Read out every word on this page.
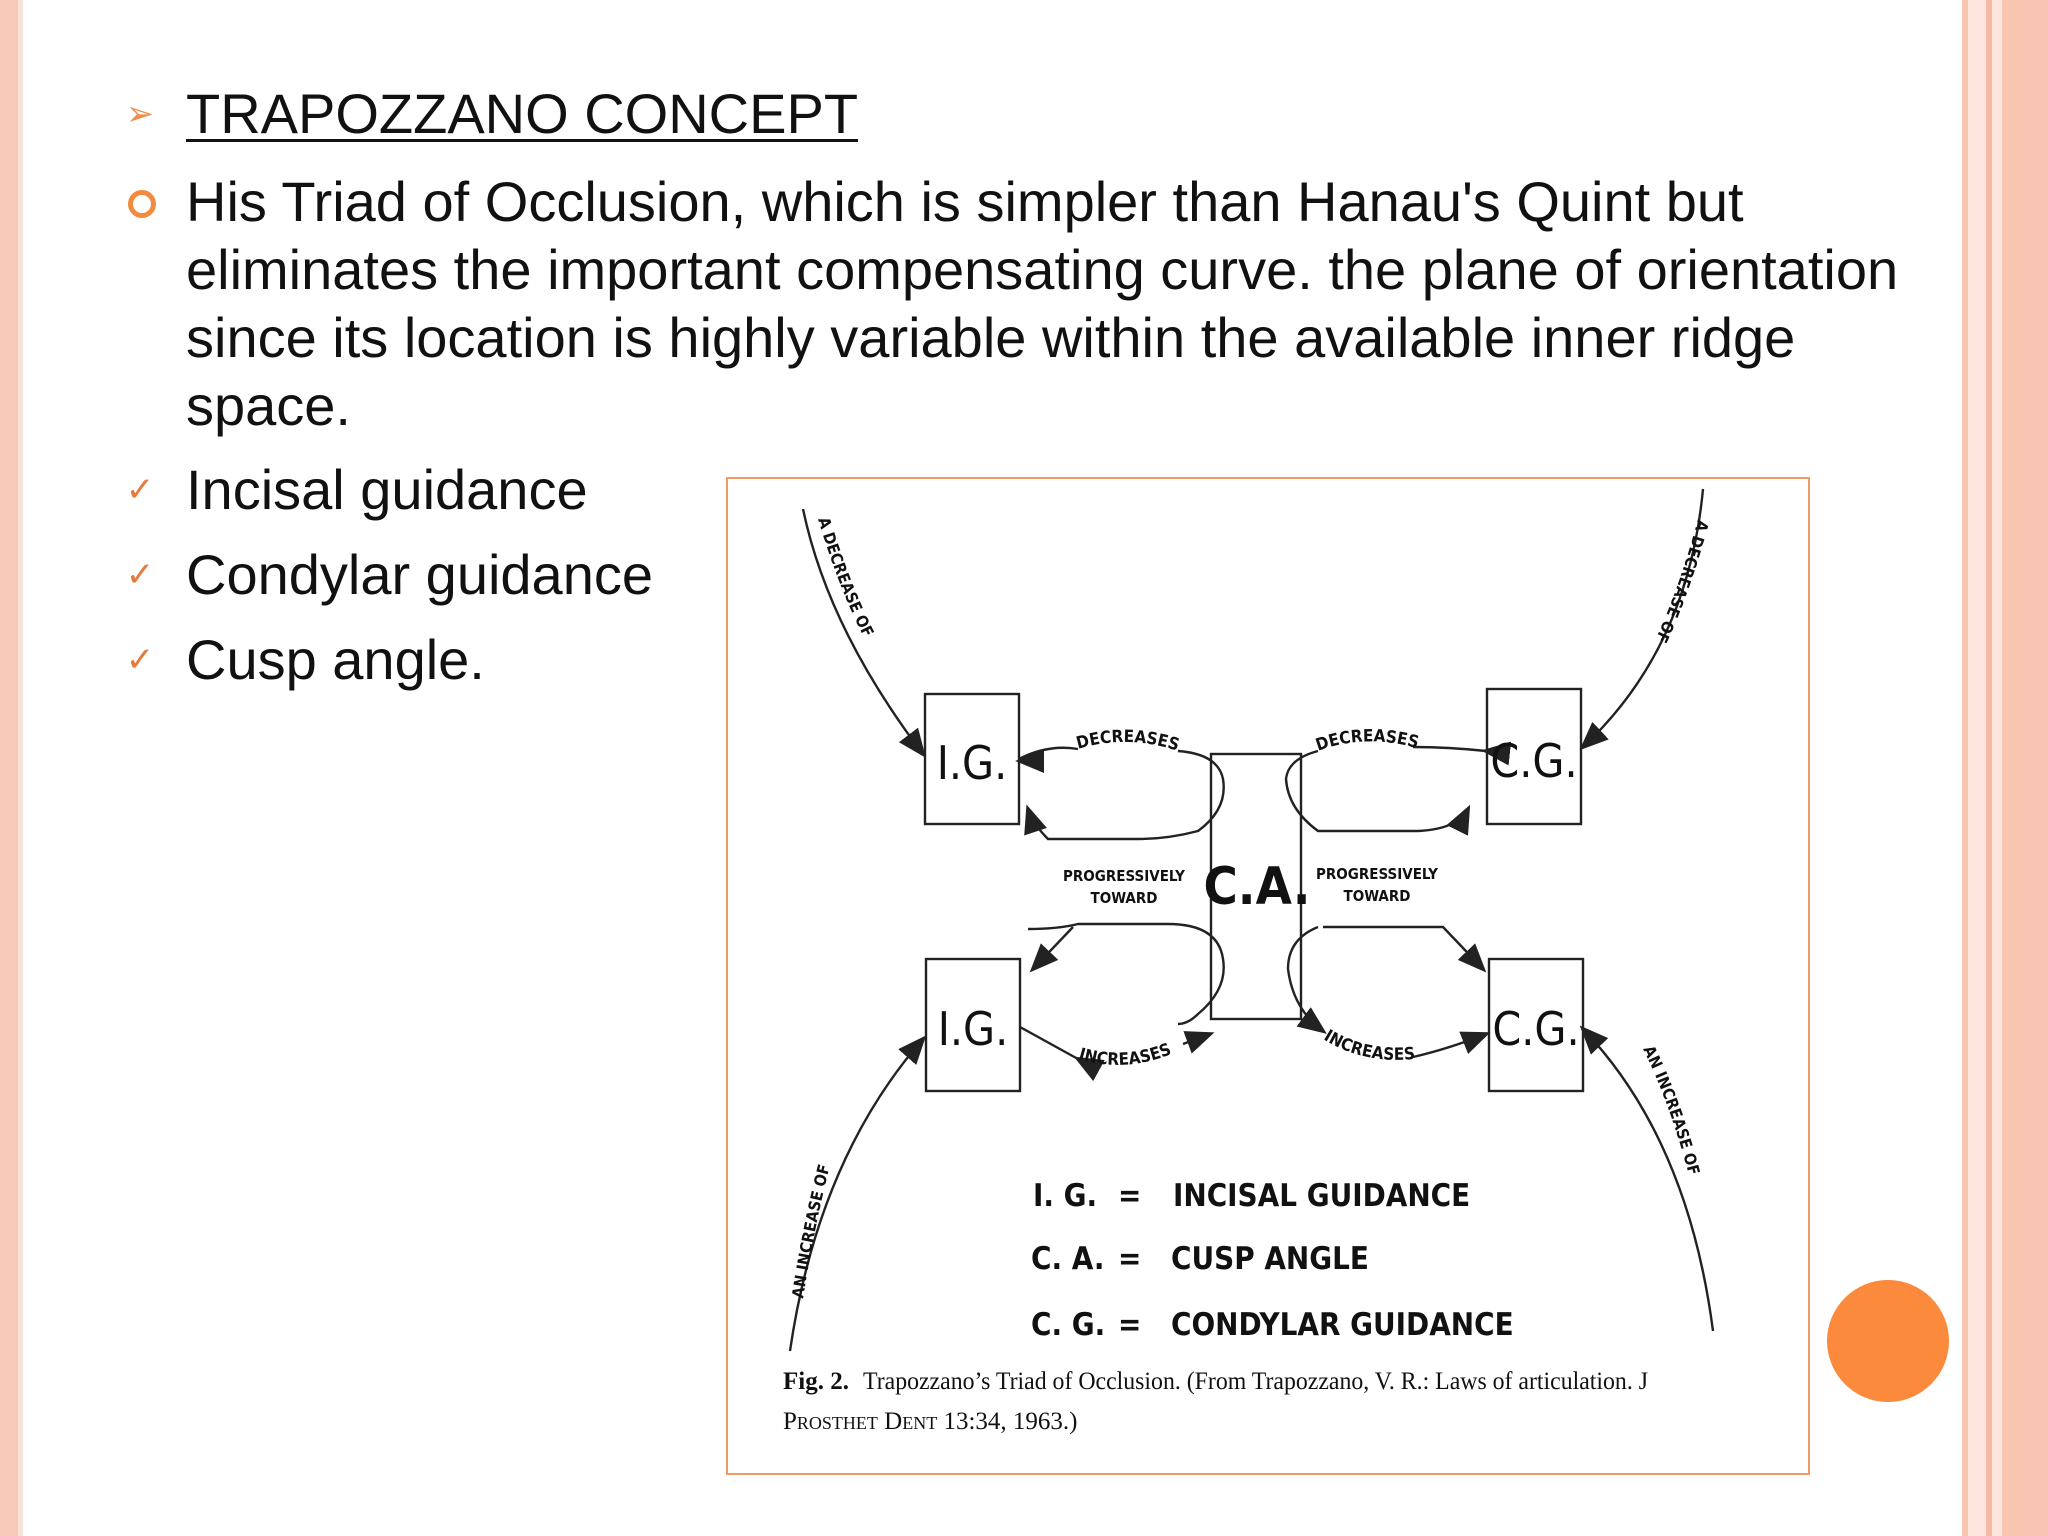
➢ TRAPOZZANO CONCEPT
His Triad of Occlusion, which is simpler than Hanau's Quint but
eliminates the important compensating curve. the plane of orientation
since its location is highly variable within the available inner ridge
space.
✓ Incisal guidance
✓ Condylar guidance
✓ Cusp angle.
I.G.	C.G.
I.G.	C.G.
C.A.
DECREASES	DECREASES
INCREASES
INCREASES
PROGRESSIVELY
TOWARD
PROGRESSIVELY
TOWARD
A DECREASE OF
A DECREASE OF
AN INCREASE OF
AN INCREASE OF
I. G. = INCISAL GUIDANCE
C. A. = CUSP ANGLE
C. G. = CONDYLAR GUIDANCE
Fig. 2. Trapozzano’s Triad of Occlusion. (From Trapozzano, V. R.: Laws of articulation. J
Prosthet Dent 13:34, 1963.)
